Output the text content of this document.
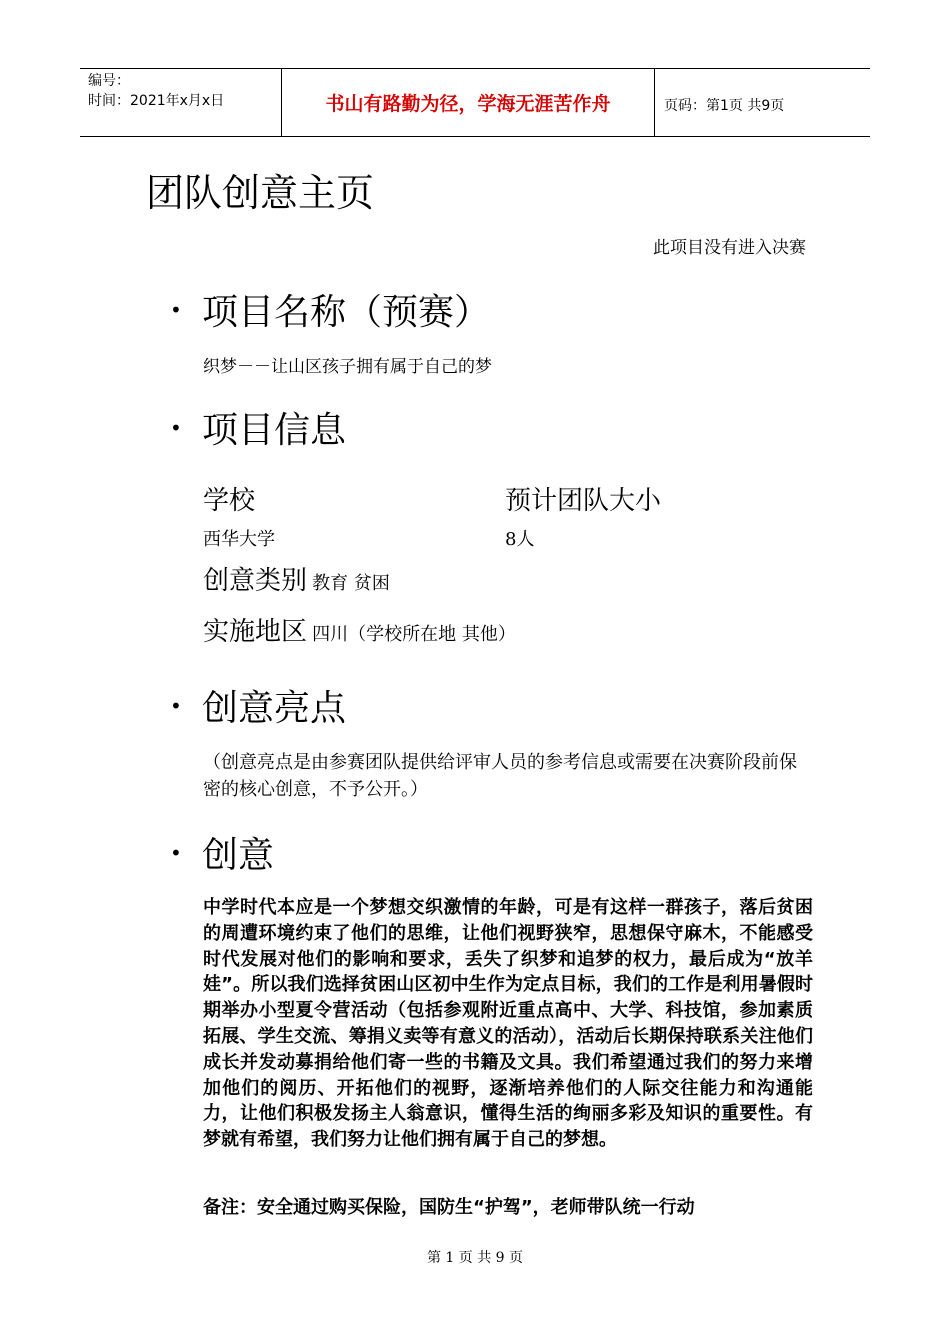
编号：
时间：2021年x月x日	书山有路勤为径，学海无涯苦作舟	页码：第1页 共9页
团队创意主页
此项目没有进入决赛
• 项目名称（预赛）
织梦－－让山区孩子拥有属于自己的梦
• 项目信息
学校	预计团队大小
西华大学	8人
创意类别 教育 贫困
实施地区 四川（学校所在地 其他）
• 创意亮点
（创意亮点是由参赛团队提供给评审人员的参考信息或需要在决赛阶段前保密的核心创意，不予公开。）
• 创意
中学时代本应是一个梦想交织激情的年龄，可是有这样一群孩子，落后贫困的周遭环境约束了他们的思维，让他们视野狭窄，思想保守麻木，不能感受时代发展对他们的影响和要求，丢失了织梦和追梦的权力，最后成为“放羊娃”。所以我们选择贫困山区初中生作为定点目标，我们的工作是利用暑假时期举办小型夏令营活动（包括参观附近重点高中、大学、科技馆，参加素质拓展、学生交流、筹捐义卖等有意义的活动），活动后长期保持联系关注他们成长并发动募捐给他们寄一些的书籍及文具。我们希望通过我们的努力来增加他们的阅历、开拓他们的视野，逐渐培养他们的人际交往能力和沟通能力，让他们积极发扬主人翁意识，懂得生活的绚丽多彩及知识的重要性。有梦就有希望，我们努力让他们拥有属于自己的梦想。
备注：安全通过购买保险，国防生“护驾”，老师带队统一行动
第 1 页 共 9 页
